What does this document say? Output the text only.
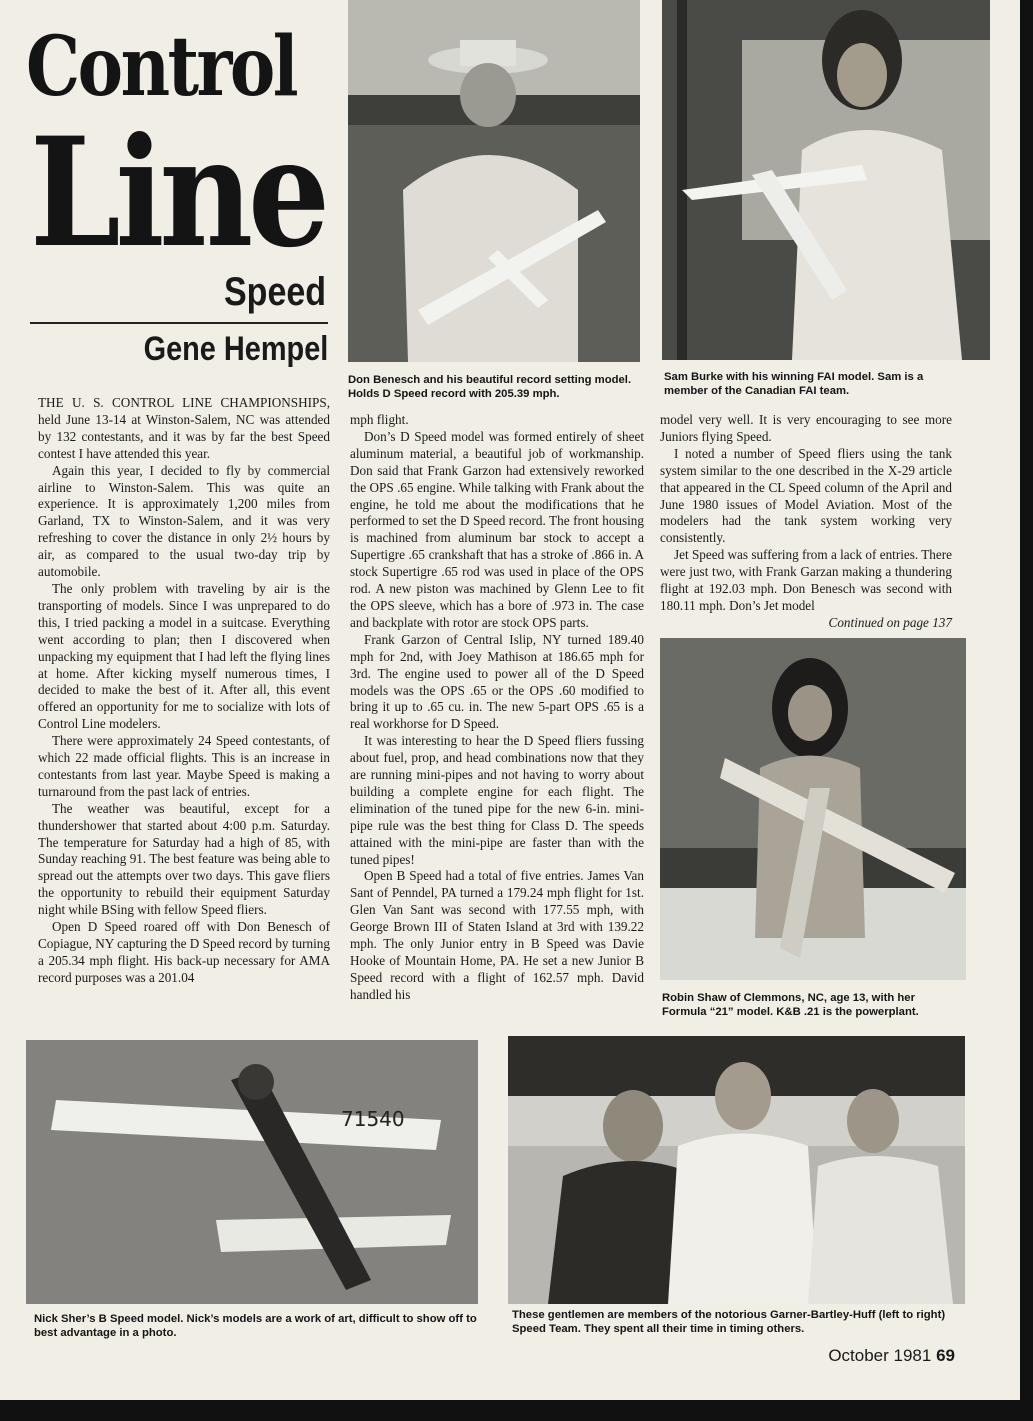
Control
Line
Speed
Gene Hempel
Don Benesch and his beautiful record setting model. Holds D Speed record with 205.39 mph.
Sam Burke with his winning FAI model. Sam is a member of the Canadian FAI team.

THE U. S. CONTROL LINE CHAMPIONSHIPS, held June 13-14 at Winston-Salem, NC was attended by 132 contestants, and it was by far the best Speed contest I have attended this year.

Again this year, I decided to fly by commercial airline to Winston-Salem. This was quite an experience. It is approximately 1,200 miles from Garland, TX to Winston-Salem, and it was very refreshing to cover the distance in only 2½ hours by air, as compared to the usual two-day trip by automobile.

The only problem with traveling by air is the transporting of models. Since I was unprepared to do this, I tried packing a model in a suitcase. Everything went according to plan; then I discovered when unpacking my equipment that I had left the flying lines at home. After kicking myself numerous times, I decided to make the best of it. After all, this event offered an opportunity for me to socialize with lots of Control Line modelers.

There were approximately 24 Speed contestants, of which 22 made official flights. This is an increase in contestants from last year. Maybe Speed is making a turnaround from the past lack of entries.

The weather was beautiful, except for a thundershower that started about 4:00 p.m. Saturday. The temperature for Saturday had a high of 85, with Sunday reaching 91. The best feature was being able to spread out the attempts over two days. This gave fliers the opportunity to rebuild their equipment Saturday night while BSing with fellow Speed fliers.

Open D Speed roared off with Don Benesch of Copiague, NY capturing the D Speed record by turning a 205.34 mph flight. His back-up necessary for AMA record purposes was a 201.04

mph flight.

Don’s D Speed model was formed entirely of sheet aluminum material, a beautiful job of workmanship. Don said that Frank Garzon had extensively reworked the OPS .65 engine. While talking with Frank about the engine, he told me about the modifications that he performed to set the D Speed record. The front housing is machined from aluminum bar stock to accept a Supertigre .65 crankshaft that has a stroke of .866 in. A stock Supertigre .65 rod was used in place of the OPS rod. A new piston was machined by Glenn Lee to fit the OPS sleeve, which has a bore of .973 in. The case and backplate with rotor are stock OPS parts.

Frank Garzon of Central Islip, NY turned 189.40 mph for 2nd, with Joey Mathison at 186.65 mph for 3rd. The engine used to power all of the D Speed models was the OPS .65 or the OPS .60 modified to bring it up to .65 cu. in. The new 5-part OPS .65 is a real workhorse for D Speed.

It was interesting to hear the D Speed fliers fussing about fuel, prop, and head combinations now that they are running mini-pipes and not having to worry about building a complete engine for each flight. The elimination of the tuned pipe for the new 6-in. mini-pipe rule was the best thing for Class D. The speeds attained with the mini-pipe are faster than with the tuned pipes!

Open B Speed had a total of five entries. James Van Sant of Penndel, PA turned a 179.24 mph flight for 1st. Glen Van Sant was second with 177.55 mph, with George Brown III of Staten Island at 3rd with 139.22 mph. The only Junior entry in B Speed was Davie Hooke of Mountain Home, PA. He set a new Junior B Speed record with a flight of 162.57 mph. David handled his

model very well. It is very encouraging to see more Juniors flying Speed.

I noted a number of Speed fliers using the tank system similar to the one described in the X-29 article that appeared in the CL Speed column of the April and June 1980 issues of Model Aviation. Most of the modelers had the tank system working very consistently.

Jet Speed was suffering from a lack of entries. There were just two, with Frank Garzan making a thundering flight at 192.03 mph. Don Benesch was second with 180.11 mph. Don’s Jet model

Continued on page 137
Robin Shaw of Clemmons, NC, age 13, with her Formula “21” model. K&B .21 is the powerplant.
71540
Nick Sher’s B Speed model. Nick’s models are a work of art, difficult to show off to best advantage in a photo.
These gentlemen are members of the notorious Garner-Bartley-Huff (left to right) Speed Team. They spent all their time in timing others.
October 1981 69
